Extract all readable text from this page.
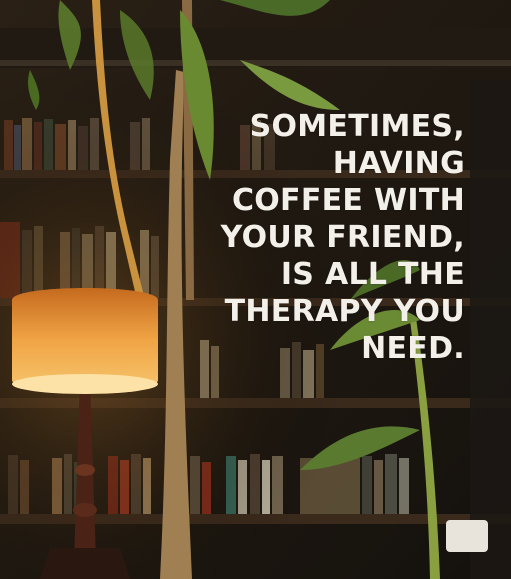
SOMETIMES,
HAVING
COFFEE WITH
YOUR FRIEND,
IS ALL THE
THERAPY YOU
NEED.
